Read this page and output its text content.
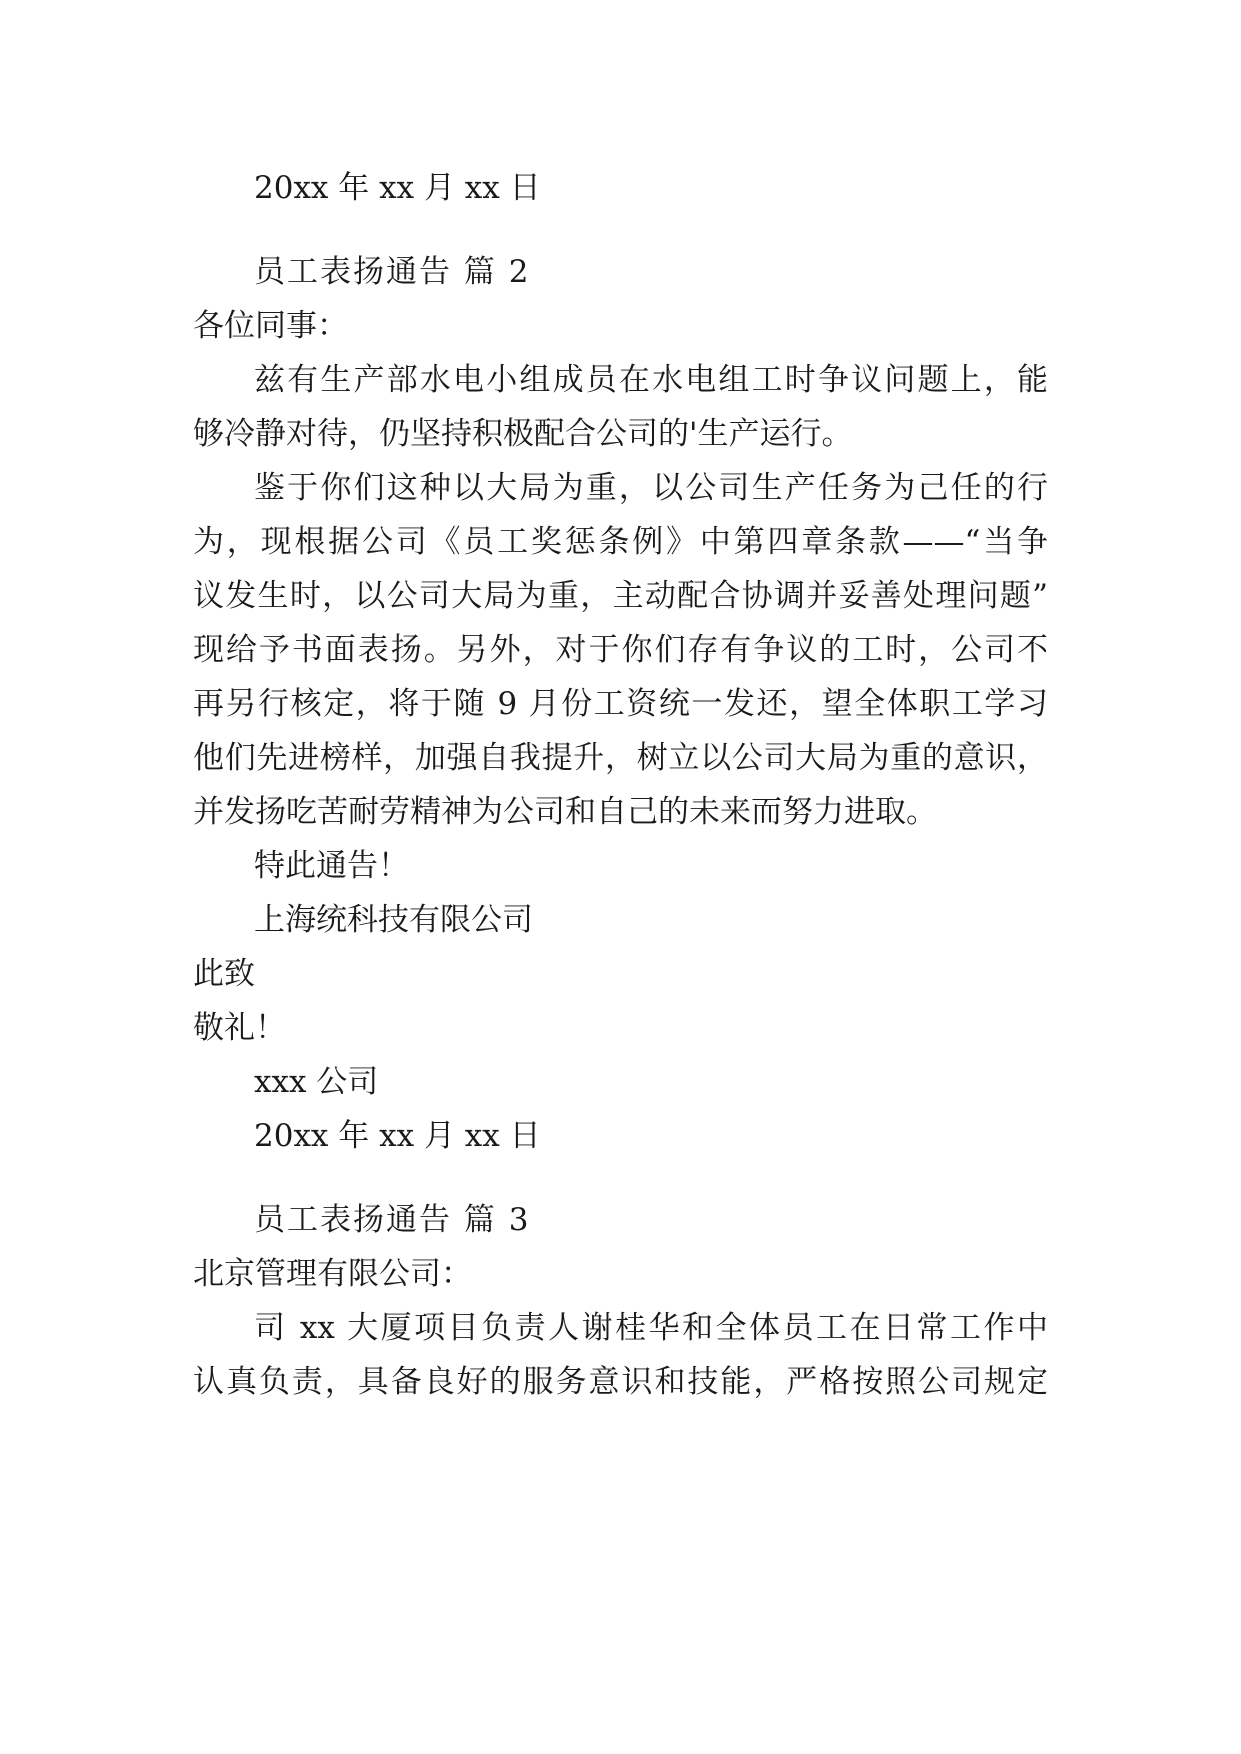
20xx 年 xx 月 xx 日

员工表扬通告 篇 2

各位同事：

兹有生产部水电小组成员在水电组工时争议问题上，能

够冷静对待，仍坚持积极配合公司的'生产运行。

鉴于你们这种以大局为重，以公司生产任务为己任的行

为，现根据公司《员工奖惩条例》中第四章条款——“当争

议发生时，以公司大局为重，主动配合协调并妥善处理问题”

现给予书面表扬。另外，对于你们存有争议的工时，公司不

再另行核定，将于随 9 月份工资统一发还，望全体职工学习

他们先进榜样，加强自我提升，树立以公司大局为重的意识，

并发扬吃苦耐劳精神为公司和自己的未来而努力进取。

特此通告！

上海统科技有限公司

此致

敬礼！

xxx 公司

20xx 年 xx 月 xx 日

员工表扬通告 篇 3

北京管理有限公司：

司 xx 大厦项目负责人谢桂华和全体员工在日常工作中

认真负责，具备良好的服务意识和技能，严格按照公司规定
